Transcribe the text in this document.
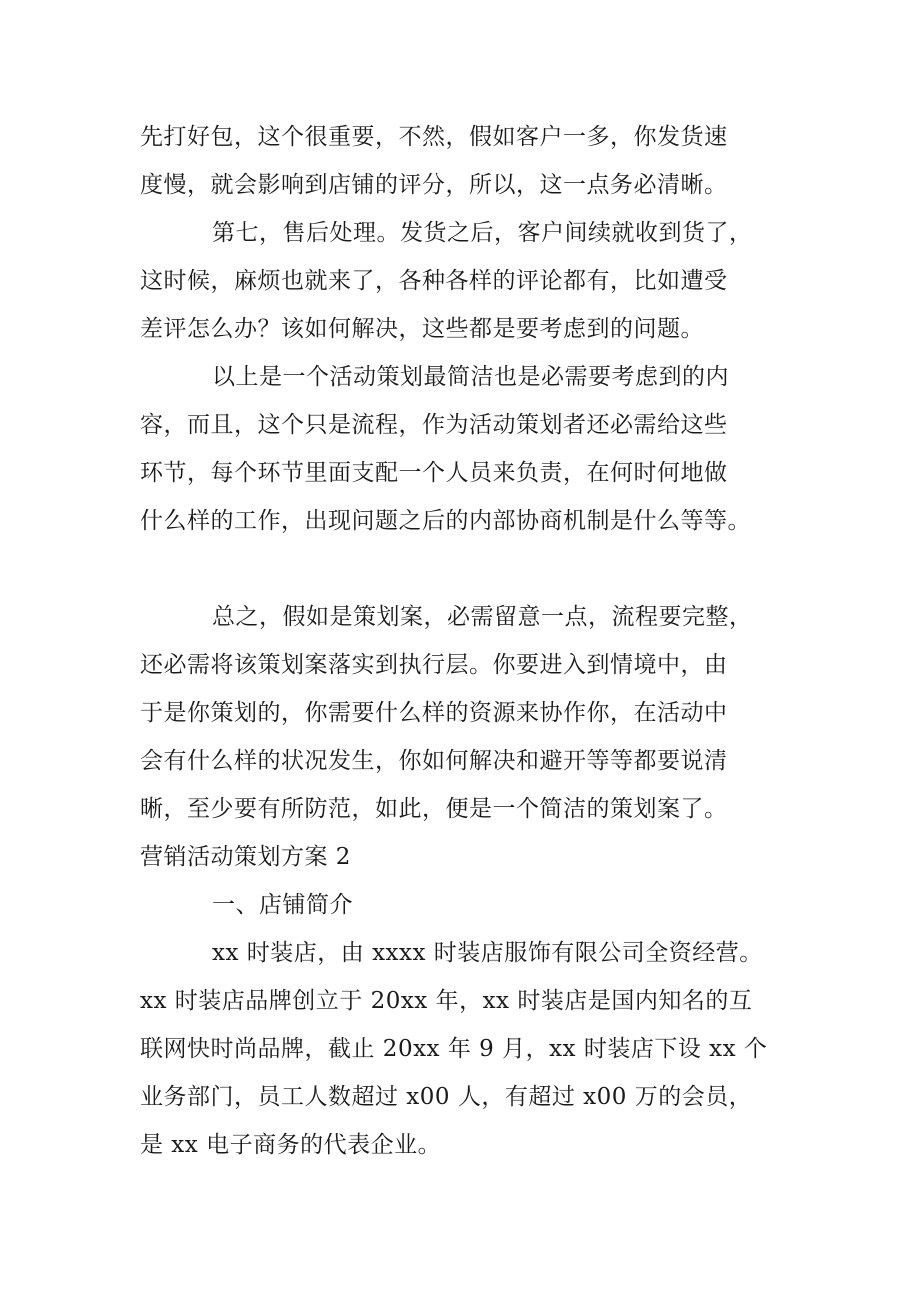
先打好包，这个很重要，不然，假如客户一多，你发货速
度慢，就会影响到店铺的评分，所以，这一点务必清晰。
第七，售后处理。发货之后，客户间续就收到货了，
这时候，麻烦也就来了，各种各样的评论都有，比如遭受
差评怎么办？该如何解决，这些都是要考虑到的问题。
以上是一个活动策划最简洁也是必需要考虑到的内
容，而且，这个只是流程，作为活动策划者还必需给这些
环节，每个环节里面支配一个人员来负责，在何时何地做
什么样的工作，出现问题之后的内部协商机制是什么等等。
总之，假如是策划案，必需留意一点，流程要完整，
还必需将该策划案落实到执行层。你要进入到情境中，由
于是你策划的，你需要什么样的资源来协作你，在活动中
会有什么样的状况发生，你如何解决和避开等等都要说清
晰，至少要有所防范，如此，便是一个简洁的策划案了。
营销活动策划方案 2
一、店铺简介
xx 时装店，由 xxxx 时装店服饰有限公司全资经营。
xx 时装店品牌创立于 20xx 年，xx 时装店是国内知名的互
联网快时尚品牌，截止 20xx 年 9 月，xx 时装店下设 xx 个
业务部门，员工人数超过 x00 人，有超过 x00 万的会员，
是 xx 电子商务的代表企业。
